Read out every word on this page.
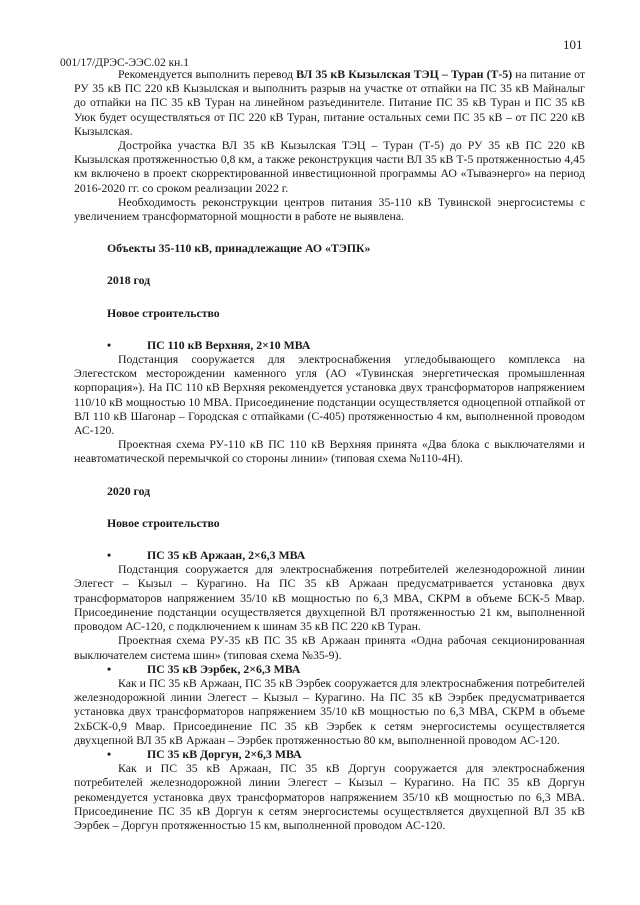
101
001/17/ДРЭС-ЭЭС.02 кн.1

Рекомендуется выполнить перевод ВЛ 35 кВ Кызылская ТЭЦ – Туран (Т-5) на питание от РУ 35 кВ ПС 220 кВ Кызылская и выполнить разрыв на участке от отпайки на ПС 35 кВ Майналыг до отпайки на ПС 35 кВ Туран на линейном разъединителе. Питание ПС 35 кВ Туран и ПС 35 кВ Уюк будет осуществляться от ПС 220 кВ Туран, питание остальных семи ПС 35 кВ – от ПС 220 кВ Кызылская.

Достройка участка ВЛ 35 кВ Кызылская ТЭЦ – Туран (Т-5) до РУ 35 кВ ПС 220 кВ Кызылская протяженностью 0,8 км, а также реконструкция части ВЛ 35 кВ Т-5 протяженностью 4,45 км включено в проект скорректированной инвестиционной программы АО «Тываэнерго» на период 2016-2020 гг. со сроком реализации 2022 г.

Необходимость реконструкции центров питания 35-110 кВ Тувинской энергосистемы с увеличением трансформаторной мощности в работе не выявлена.

Объекты 35-110 кВ, принадлежащие АО «ТЭПК»
2018 год
Новое строительство
•	ПС 110 кВ Верхняя, 2×10 МВА

Подстанция сооружается для электроснабжения угледобывающего комплекса на Элегестском месторождении каменного угля (АО «Тувинская энергетическая промышленная корпорация»). На ПС 110 кВ Верхняя рекомендуется установка двух трансформаторов напряжением 110/10 кВ мощностью 10 МВА. Присоединение подстанции осуществляется одноцепной отпайкой от ВЛ 110 кВ Шагонар – Городская с отпайками (С-405) протяженностью 4 км, выполненной проводом АС-120.

Проектная схема РУ-110 кВ ПС 110 кВ Верхняя принята «Два блока с выключателями и неавтоматической перемычкой со стороны линии» (типовая схема №110-4Н).

2020 год
Новое строительство
•	ПС 35 кВ Аржаан, 2×6,3 МВА

Подстанция сооружается для электроснабжения потребителей железнодорожной линии Элегест – Кызыл – Курагино. На ПС 35 кВ Аржаан предусматривается установка двух трансформаторов напряжением 35/10 кВ мощностью по 6,3 МВА, СКРМ в объеме БСК-5 Мвар. Присоединение подстанции осуществляется двухцепной ВЛ протяженностью 21 км, выполненной проводом АС-120, с подключением к шинам 35 кВ ПС 220 кВ Туран.

Проектная схема РУ-35 кВ ПС 35 кВ Аржаан принята «Одна рабочая секционированная выключателем система шин» (типовая схема №35-9).

•	ПС 35 кВ Ээрбек, 2×6,3 МВА

Как и ПС 35 кВ Аржаан, ПС 35 кВ Ээрбек сооружается для электроснабжения потребителей железнодорожной линии Элегест – Кызыл – Курагино. На ПС 35 кВ Ээрбек предусматривается установка двух трансформаторов напряжением 35/10 кВ мощностью по 6,3 МВА, СКРМ в объеме 2хБСК-0,9 Мвар. Присоединение ПС 35 кВ Ээрбек к сетям энергосистемы осуществляется двухцепной ВЛ 35 кВ Аржаан – Ээрбек протяженностью 80 км, выполненной проводом АС-120.

•	ПС 35 кВ Доргун, 2×6,3 МВА

Как и ПС 35 кВ Аржаан, ПС 35 кВ Доргун сооружается для электроснабжения потребителей железнодорожной линии Элегест – Кызыл – Курагино. На ПС 35 кВ Доргун рекомендуется установка двух трансформаторов напряжением 35/10 кВ мощностью по 6,3 МВА. Присоединение ПС 35 кВ Доргун к сетям энергосистемы осуществляется двухцепной ВЛ 35 кВ Ээрбек – Доргун протяженностью 15 км, выполненной проводом АС-120.
